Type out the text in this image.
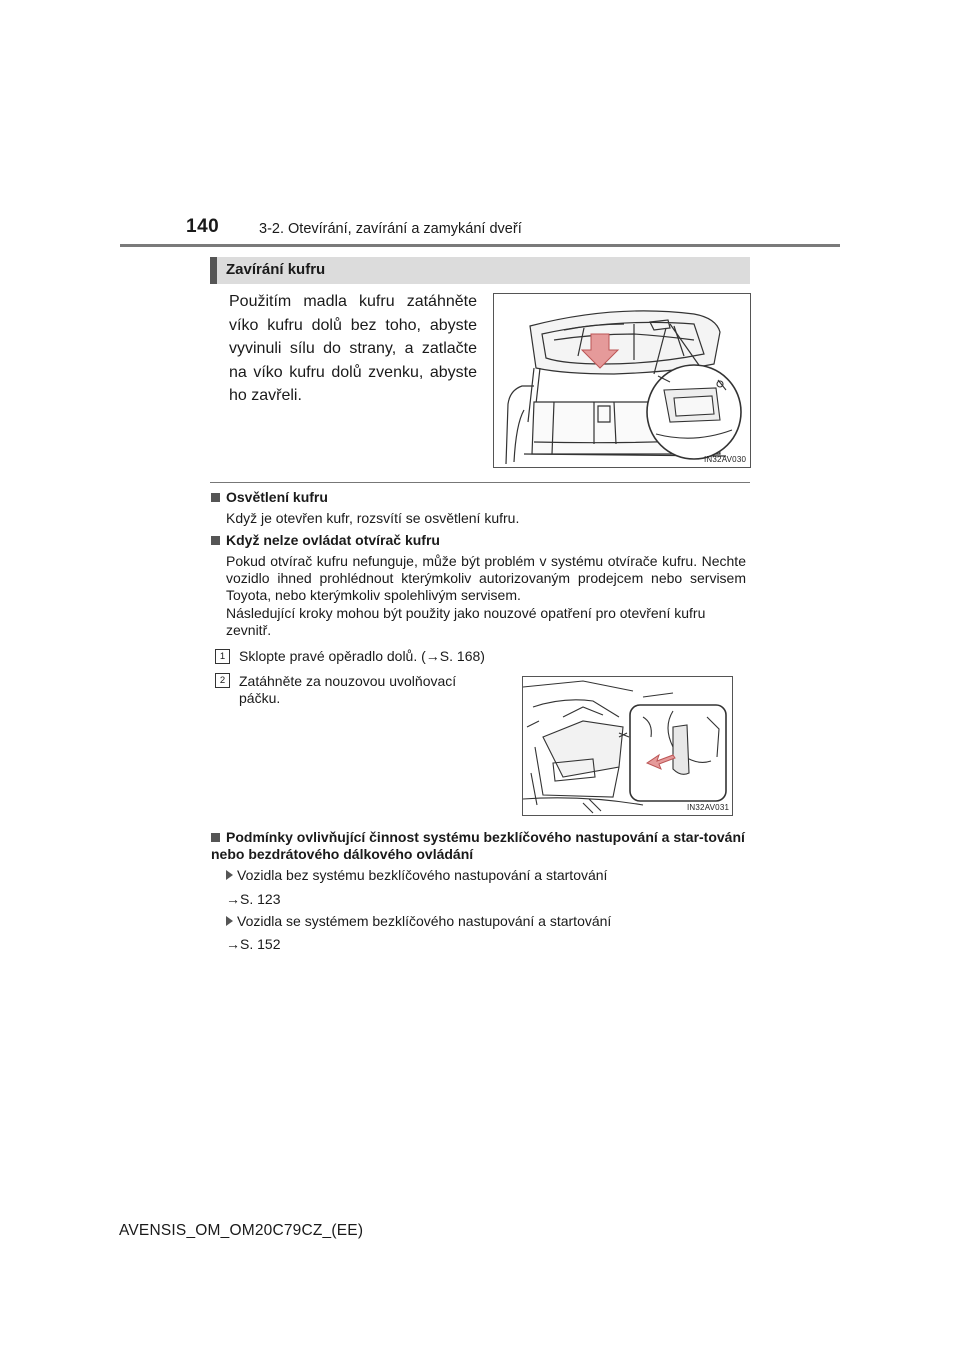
140	3-2. Otevírání, zavírání a zamykání dveří
Zavírání kufru
Použitím madla kufru zatáhněte víko kufru dolů bez toho, abyste vyvinuli sílu do strany, a zatlačte na víko kufru dolů zvenku, abyste ho zavřeli.
IN32AV030
Osvětlení kufru
Když je otevřen kufr, rozsvítí se osvětlení kufru.
Když nelze ovládat otvírač kufru
Pokud otvírač kufru nefunguje, může být problém v systému otvírače kufru. Nechte vozidlo ihned prohlédnout kterýmkoliv autorizovaným prodejcem nebo servisem Toyota, nebo kterýmkoliv spolehlivým servisem.
Následující kroky mohou být použity jako nouzové opatření pro otevření kufru zevnitř.
1 Sklopte pravé opěradlo dolů. (→S. 168)
2 Zatáhněte za nouzovou uvolňovací páčku.
IN32AV031
Podmínky ovlivňující činnost systému bezklíčového nastupování a star-tování nebo bezdrátového dálkového ovládání
Vozidla bez systému bezklíčového nastupování a startování
→S. 123
Vozidla se systémem bezklíčového nastupování a startování
→S. 152
AVENSIS_OM_OM20C79CZ_(EE)
